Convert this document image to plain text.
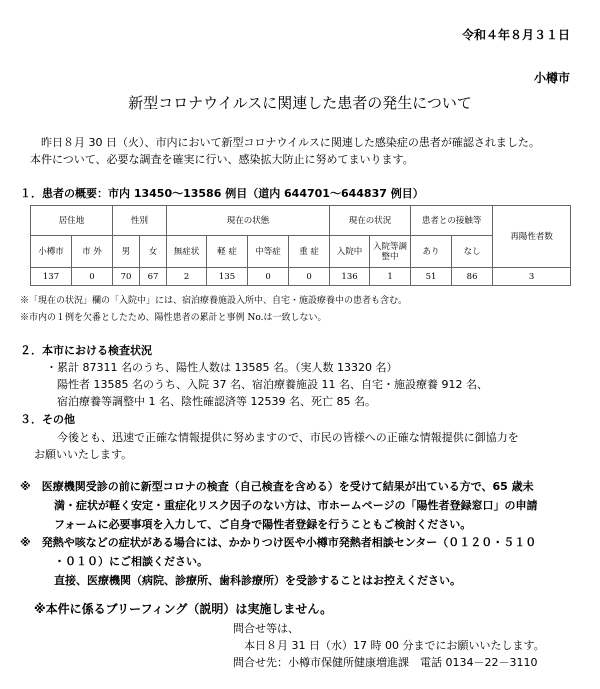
令和４年８月３１日
小樽市
新型コロナウイルスに関連した患者の発生について
昨日８月 30 日（火）、市内において新型コロナウイルスに関連した感染症の患者が確認されました。
本件について、必要な調査を確実に行い、感染拡大防止に努めてまいります。
１．患者の概要：市内 13450～13586 例目（道内 644701～644837 例目）
居住地		性別		現在の状態				現在の状況		患者との接触等		再陽性者数
小樽市	市 外	男	女	無症状	軽 症	中等症	重 症	入院中	入院等調整中	あり	なし	
137	0	70	67	2	135	0	0	136	1	51	86	3
※「現在の状況」欄の「入院中」には、宿泊療養施設入所中、自宅・施設療養中の患者も含む。
※市内の１例を欠番としたため、陽性患者の累計と事例 No.は一致しない。
２．本市における検査状況
・累計 87311 名のうち、陽性人数は 13585 名。（実人数 13320 名）
陽性者 13585 名のうち、入院 37 名、宿泊療養施設 11 名、自宅・施設療養 912 名、
宿泊療養等調整中 1 名、陰性確認済等 12539 名、死亡 85 名。
３．その他
今後とも、迅速で正確な情報提供に努めますので、市民の皆様への正確な情報提供に御協力を
お願いいたします。
※　医療機関受診の前に新型コロナの検査（自己検査を含める）を受けて結果が出ている方で、65 歳未
満・症状が軽く安定・重症化リスク因子のない方は、市ホームページの「陽性者登録窓口」の申請
フォームに必要事項を入力して、ご自身で陽性者登録を行うこともご検討ください。
※　発熱や咳などの症状がある場合には、かかりつけ医や小樽市発熱者相談センター（０１２０・５１０
・０１０）にご相談ください。
直接、医療機関（病院、診療所、歯科診療所）を受診することはお控えください。
※本件に係るブリーフィング（説明）は実施しません。
問合せ等は、
本日８月 31 日（水）17 時 00 分までにお願いいたします。
問合せ先：小樽市保健所健康増進課　電話 0134－22－3110
